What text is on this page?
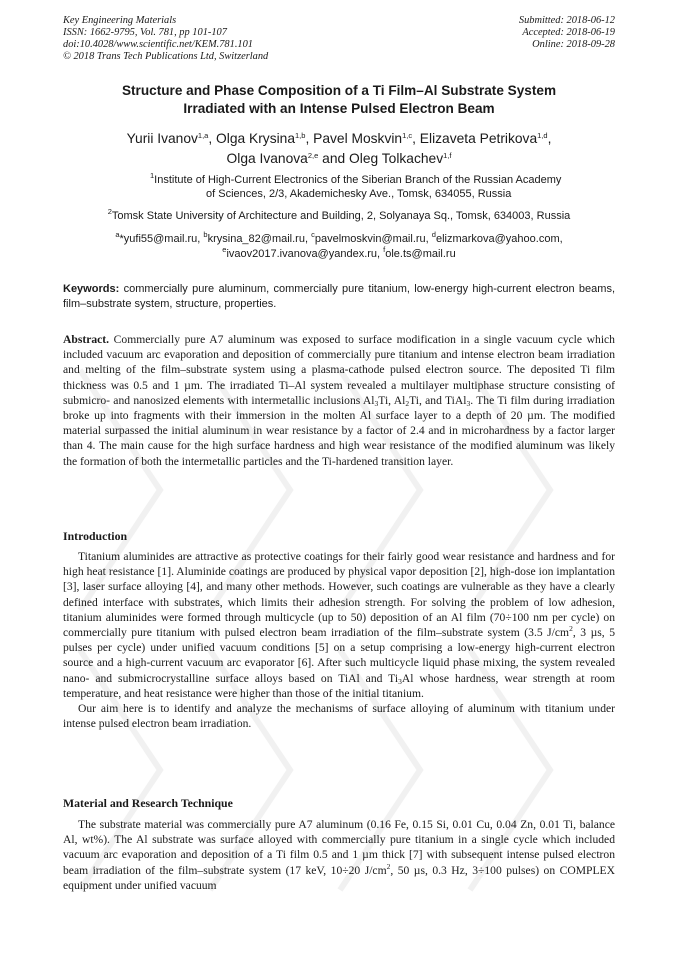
Key Engineering Materials
ISSN: 1662-9795, Vol. 781, pp 101-107
doi:10.4028/www.scientific.net/KEM.781.101
© 2018 Trans Tech Publications Ltd, Switzerland
Submitted: 2018-06-12
Accepted: 2018-06-19
Online: 2018-09-28
Structure and Phase Composition of a Ti Film–Al Substrate System
Irradiated with an Intense Pulsed Electron Beam
Yurii Ivanov$^{1,a}$, Olga Krysina$^{1,b}$, Pavel Moskvin$^{1,c}$, Elizaveta Petrikova$^{1,d}$,
Olga Ivanova$^{2,e}$ and Oleg Tolkachev$^{1,f}$
$^1$Institute of High-Current Electronics of the Siberian Branch of the Russian Academy
of Sciences, 2/3, Akademichesky Ave., Tomsk, 634055, Russia
$^2$Tomsk State University of Architecture and Building, 2, Solyanaya Sq., Tomsk, 634003, Russia
$^a$*yufi55@mail.ru, $^b$krysina_82@mail.ru, $^c$pavelmoskvin@mail.ru, $^d$elizmarkova@yahoo.com,
$^e$ivaov2017.ivanova@yandex.ru, $^f$ole.ts@mail.ru
Keywords: commercially pure aluminum, commercially pure titanium, low-energy high-current electron beams, film–substrate system, structure, properties.
Abstract. Commercially pure A7 aluminum was exposed to surface modification in a single vacuum cycle which included vacuum arc evaporation and deposition of commercially pure titanium and intense electron beam irradiation and melting of the film–substrate system using a plasma-cathode pulsed electron source. The deposited Ti film thickness was 0.5 and 1 µm. The irradiated Ti–Al system revealed a multilayer multiphase structure consisting of submicro- and nanosized elements with intermetallic inclusions $Al_3Ti$, $Al_2Ti$, and TiAl$_3$. The Ti film during irradiation broke up into fragments with their immersion in the molten Al surface layer to a depth of 20 µm. The modified material surpassed the initial aluminum in wear resistance by a factor of 2.4 and in microhardness by a factor larger than 4. The main cause for the high surface hardness and high wear resistance of the modified aluminum was likely the formation of both the intermetallic particles and the Ti-hardened transition layer.
Introduction

Titanium aluminides are attractive as protective coatings for their fairly good wear resistance and hardness and for high heat resistance [1]. Aluminide coatings are produced by physical vapor deposition [2], high-dose ion implantation [3], laser surface alloying [4], and many other methods. However, such coatings are vulnerable as they have a clearly defined interface with substrates, which limits their adhesion strength. For solving the problem of low adhesion, titanium aluminides were formed through multicycle (up to 50) deposition of an Al film (70÷100 nm per cycle) on commercially pure titanium with pulsed electron beam irradiation of the film–substrate system (3.5 $J/cm^2$, 3 µs, 5 pulses per cycle) under unified vacuum conditions [5] on a setup comprising a low-energy high-current electron source and a high-current vacuum arc evaporator [6]. After such multicycle liquid phase mixing, the system revealed nano- and submicrocrystalline surface alloys based on TiAl and $Ti_3Al$ whose hardness, wear strength at room temperature, and heat resistance were higher than those of the initial titanium.

Our aim here is to identify and analyze the mechanisms of surface alloying of aluminum with titanium under intense pulsed electron beam irradiation.

Material and Research Technique

The substrate material was commercially pure A7 aluminum (0.16 Fe, 0.15 Si, 0.01 Cu, 0.04 Zn, 0.01 Ti, balance Al, wt%). The Al substrate was surface alloyed with commercially pure titanium in a single cycle which included vacuum arc evaporation and deposition of a Ti film 0.5 and 1 µm thick [7] with subsequent intense pulsed electron beam irradiation of the film–substrate system (17 keV, 10÷20 $J/cm^2$, 50 µs, 0.3 Hz, 3÷100 pulses) on COMPLEX equipment under unified vacuum
